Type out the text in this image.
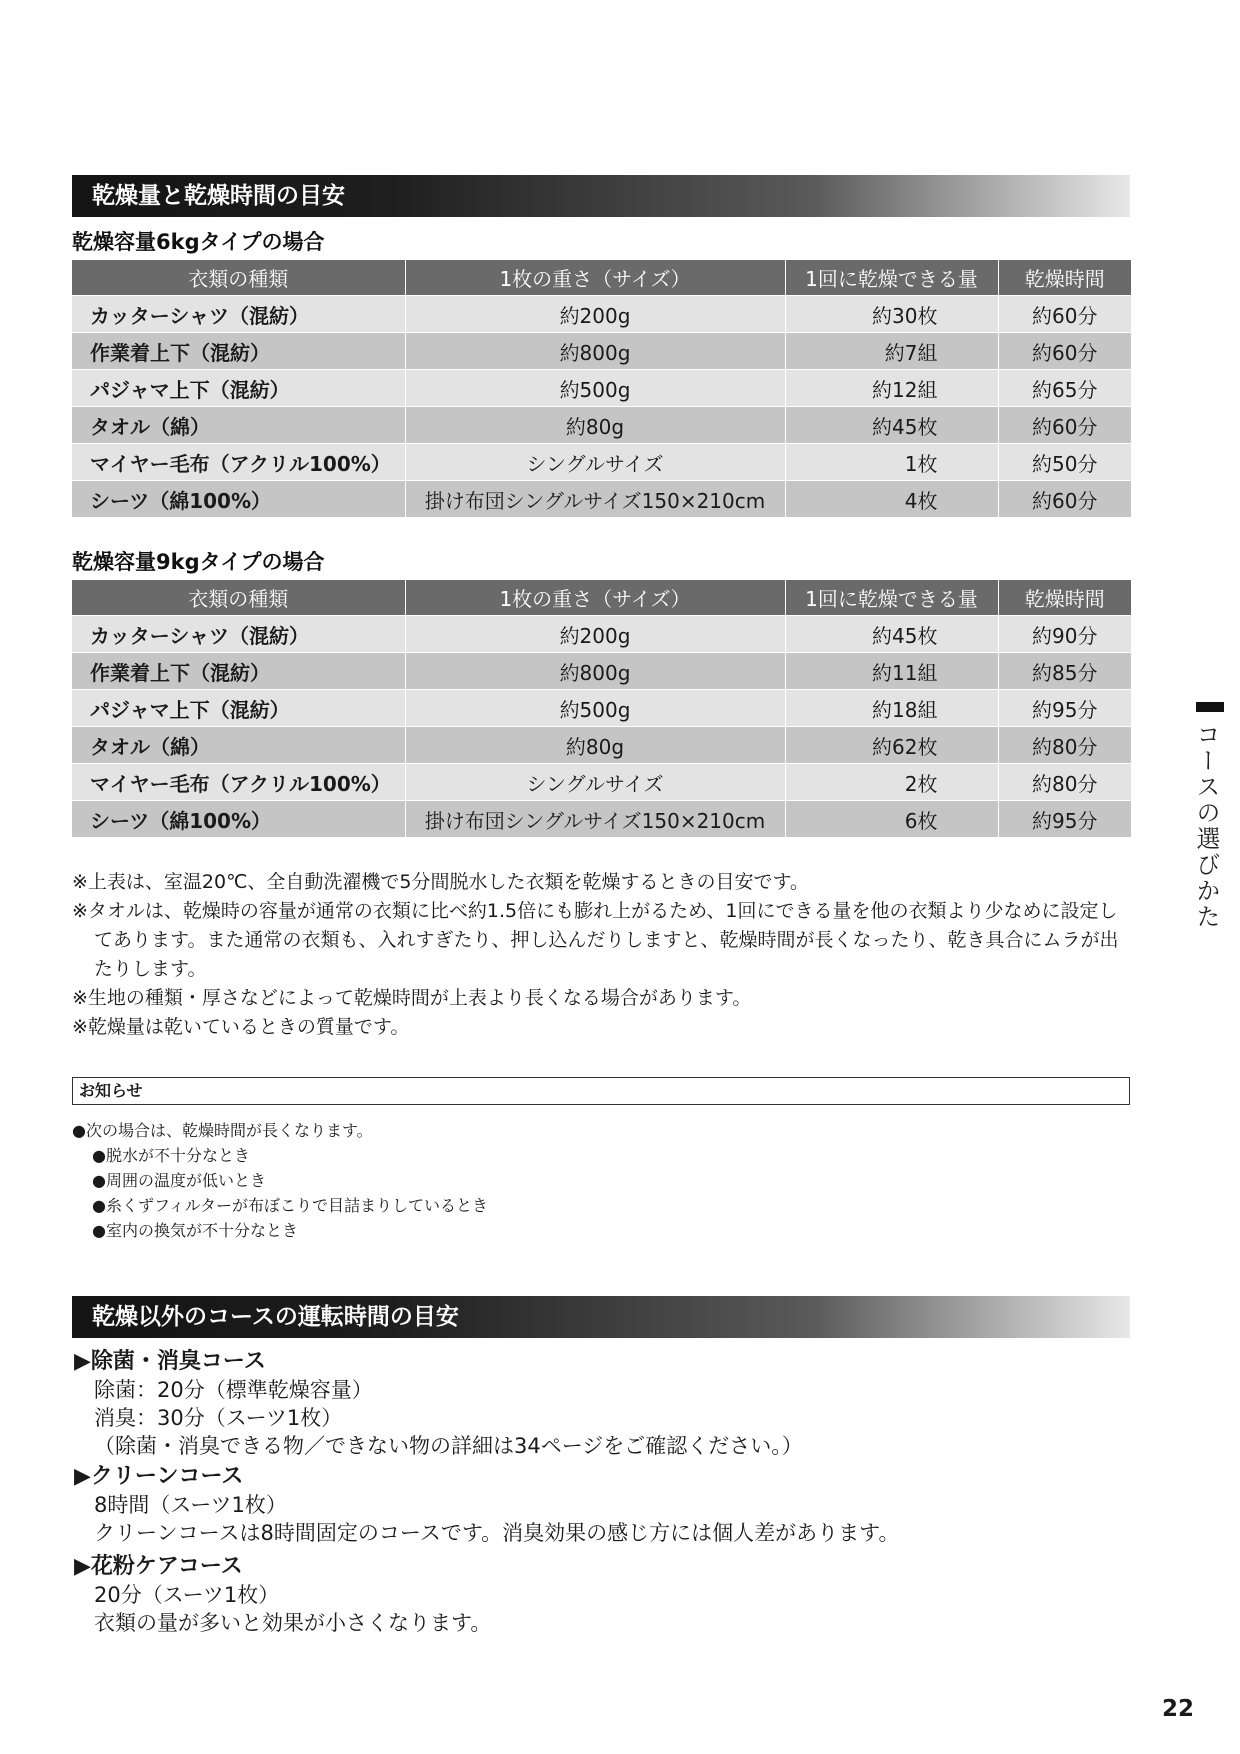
乾燥量と乾燥時間の目安
乾燥容量6kgタイプの場合
衣類の種類	1枚の重さ（サイズ）	1回に乾燥できる量	乾燥時間
カッターシャツ（混紡）	約200g	約30枚	約60分
作業着上下（混紡）	約800g	約7組	約60分
パジャマ上下（混紡）	約500g	約12組	約65分
タオル（綿）	約80g	約45枚	約60分
マイヤー毛布（アクリル100%）	シングルサイズ	1枚	約50分
シーツ（綿100%）	掛け布団シングルサイズ150×210cm	4枚	約60分
乾燥容量9kgタイプの場合
衣類の種類	1枚の重さ（サイズ）	1回に乾燥できる量	乾燥時間
カッターシャツ（混紡）	約200g	約45枚	約90分
作業着上下（混紡）	約800g	約11組	約85分
パジャマ上下（混紡）	約500g	約18組	約95分
タオル（綿）	約80g	約62枚	約80分
マイヤー毛布（アクリル100%）	シングルサイズ	2枚	約80分
シーツ（綿100%）	掛け布団シングルサイズ150×210cm	6枚	約95分
※上表は、室温20℃、全自動洗濯機で5分間脱水した衣類を乾燥するときの目安です。
※タオルは、乾燥時の容量が通常の衣類に比べ約1.5倍にも膨れ上がるため、1回にできる量を他の衣類より少なめに設定してあります。また通常の衣類も、入れすぎたり、押し込んだりしますと、乾燥時間が長くなったり、乾き具合にムラが出たりします。
※生地の種類・厚さなどによって乾燥時間が上表より長くなる場合があります。
※乾燥量は乾いているときの質量です。
お知らせ
●次の場合は、乾燥時間が長くなります。
●脱水が不十分なとき
●周囲の温度が低いとき
●糸くずフィルターが布ぼこりで目詰まりしているとき
●室内の換気が不十分なとき
乾燥以外のコースの運転時間の目安
▶除菌・消臭コース
除菌：20分（標準乾燥容量）
消臭：30分（スーツ1枚）
（除菌・消臭できる物／できない物の詳細は34ページをご確認ください。）
▶クリーンコース
8時間（スーツ1枚）
クリーンコースは8時間固定のコースです。消臭効果の感じ方には個人差があります。
▶花粉ケアコース
20分（スーツ1枚）
衣類の量が多いと効果が小さくなります。
コースの選びかた
22
